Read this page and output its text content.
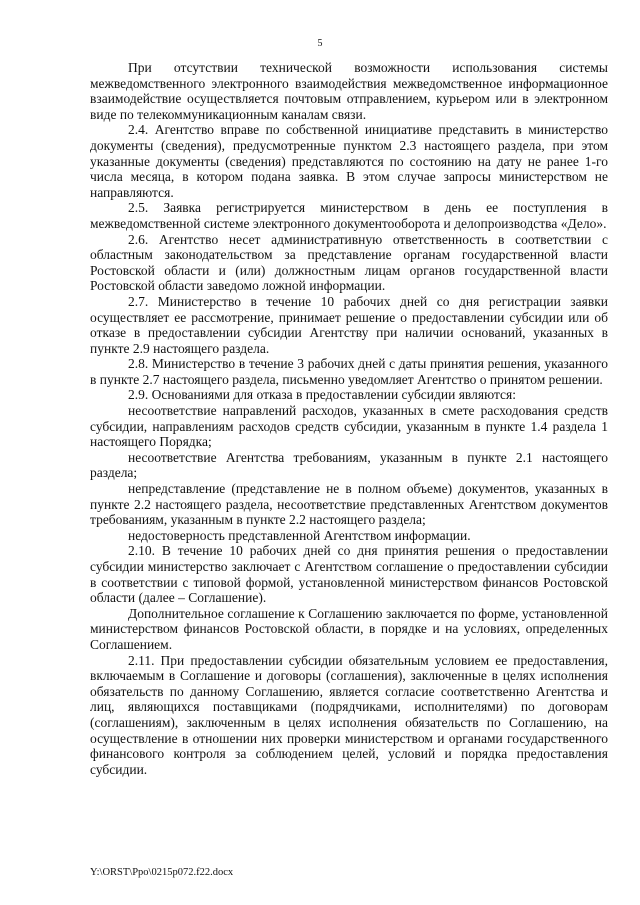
5

При отсутствии технической возможности использования системы межведомственного электронного взаимодействия межведомственное информационное взаимодействие осуществляется почтовым отправлением, курьером или в электронном виде по телекоммуникационным каналам связи.

2.4. Агентство вправе по собственной инициативе представить в министерство документы (сведения), предусмотренные пунктом 2.3 настоящего раздела, при этом указанные документы (сведения) представляются по состоянию на дату не ранее 1-го числа месяца, в котором подана заявка. В этом случае запросы министерством не направляются.

2.5. Заявка регистрируется министерством в день ее поступления в межведомственной системе электронного документооборота и делопроизводства «Дело».

2.6. Агентство несет административную ответственность в соответствии с областным законодательством за представление органам государственной власти Ростовской области и (или) должностным лицам органов государственной власти Ростовской области заведомо ложной информации.

2.7. Министерство в течение 10 рабочих дней со дня регистрации заявки осуществляет ее рассмотрение, принимает решение о предоставлении субсидии или об отказе в предоставлении субсидии Агентству при наличии оснований, указанных в пункте 2.9 настоящего раздела.

2.8. Министерство в течение 3 рабочих дней с даты принятия решения, указанного в пункте 2.7 настоящего раздела, письменно уведомляет Агентство о принятом решении.

2.9. Основаниями для отказа в предоставлении субсидии являются:

несоответствие направлений расходов, указанных в смете расходования средств субсидии, направлениям расходов средств субсидии, указанным в пункте 1.4 раздела 1 настоящего Порядка;

несоответствие Агентства требованиям, указанным в пункте 2.1 настоящего раздела;

непредставление (представление не в полном объеме) документов, указанных в пункте 2.2 настоящего раздела, несоответствие представленных Агентством документов требованиям, указанным в пункте 2.2 настоящего раздела;

недостоверность представленной Агентством информации.

2.10. В течение 10 рабочих дней со дня принятия решения о предоставлении субсидии министерство заключает с Агентством соглашение о предоставлении субсидии в соответствии с типовой формой, установленной министерством финансов Ростовской области (далее – Соглашение).

Дополнительное соглашение к Соглашению заключается по форме, установленной министерством финансов Ростовской области, в порядке и на условиях, определенных Соглашением.

2.11. При предоставлении субсидии обязательным условием ее предоставления, включаемым в Соглашение и договоры (соглашения), заключенные в целях исполнения обязательств по данному Соглашению, является согласие соответственно Агентства и лиц, являющихся поставщиками (подрядчиками, исполнителями) по договорам (соглашениям), заключенным в целях исполнения обязательств по Соглашению, на осуществление в отношении них проверки министерством и органами государственного финансового контроля за соблюдением целей, условий и порядка предоставления субсидии.

Y:\ORST\Ppo\0215p072.f22.docx
